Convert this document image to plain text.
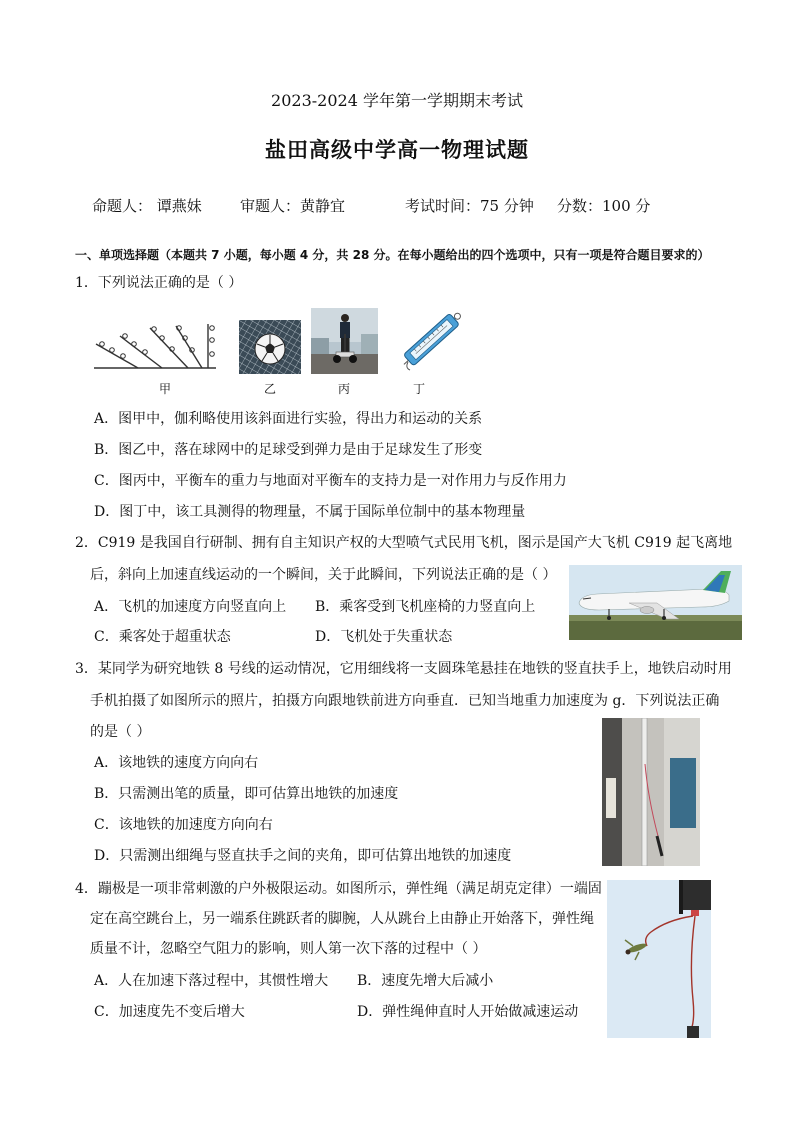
2023-2024 学年第一学期期末考试
盐田高级中学高一物理试题
命题人： 谭燕妹	审题人：黄静宜	考试时间：75 分钟 分数：100 分
一、单项选择题（本题共 7 小题，每小题 4 分，共 28 分。在每小题给出的四个选项中，只有一项是符合题目要求的）
1．下列说法正确的是（ ）
甲	乙	丙	丁
A．图甲中，伽利略使用该斜面进行实验，得出力和运动的关系
B．图乙中，落在球网中的足球受到弹力是由于足球发生了形变
C．图丙中，平衡车的重力与地面对平衡车的支持力是一对作用力与反作用力
D．图丁中，该工具测得的物理量，不属于国际单位制中的基本物理量
2．C919 是我国自行研制、拥有自主知识产权的大型喷气式民用飞机，图示是国产大飞机 C919 起飞离地
后，斜向上加速直线运动的一个瞬间，关于此瞬间，下列说法正确的是（ ）
A．飞机的加速度方向竖直向上 B．乘客受到飞机座椅的力竖直向上
C．乘客处于超重状态	D．飞机处于失重状态
3．某同学为研究地铁 8 号线的运动情况，它用细线将一支圆珠笔悬挂在地铁的竖直扶手上，地铁启动时用
手机拍摄了如图所示的照片，拍摄方向跟地铁前进方向垂直．已知当地重力加速度为 g．下列说法正确
的是（ ）
A．该地铁的速度方向向右
B．只需测出笔的质量，即可估算出地铁的加速度
C．该地铁的加速度方向向右
D．只需测出细绳与竖直扶手之间的夹角，即可估算出地铁的加速度
4．蹦极是一项非常刺激的户外极限运动。如图所示，弹性绳（满足胡克定律）一端固
定在高空跳台上，另一端系住跳跃者的脚腕，人从跳台上由静止开始落下，弹性绳
质量不计，忽略空气阻力的影响，则人第一次下落的过程中（ ）
A．人在加速下落过程中，其惯性增大 B．速度先增大后减小
C．加速度先不变后增大	D．弹性绳伸直时人开始做减速运动
